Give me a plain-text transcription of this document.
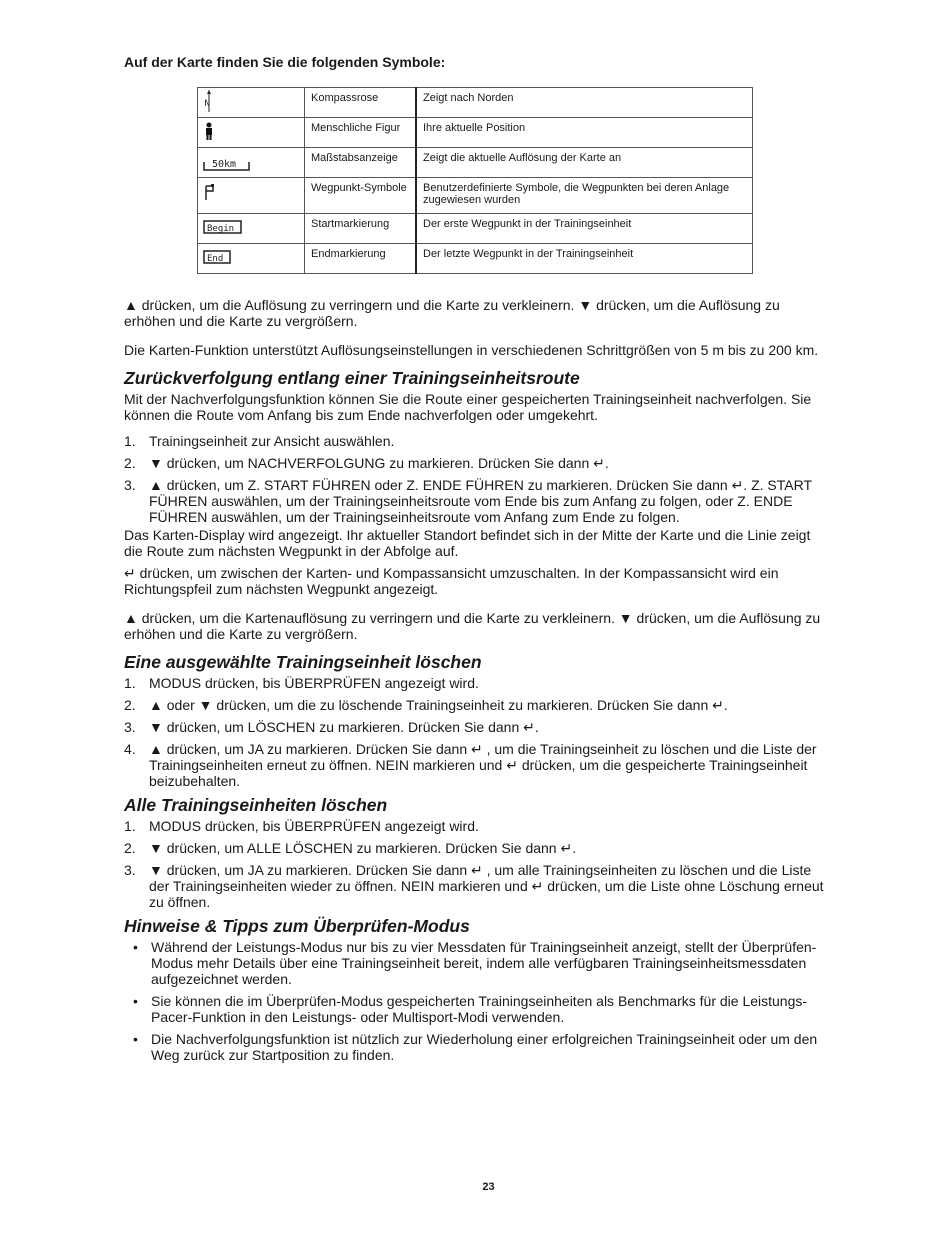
Auf der Karte finden Sie die folgenden Symbole:

N	Kompassrose	Zeigt nach Norden
	Menschliche Figur	Ihre aktuelle Position

50km	Maßstabsanzeige	Zeigt die aktuelle Auflösung der Karte an
	Wegpunkt-Symbole	Benutzerdefinierte Symbole, die Wegpunkten bei deren Anlage zugewiesen wurden

Begin	Startmarkierung	Der erste Wegpunkt in der Trainingseinheit

End	Endmarkierung	Der letzte Wegpunkt in der Trainingseinheit

▲ drücken, um die Auflösung zu verringern und die Karte zu verkleinern. ▼ drücken, um die Auflösung zu erhöhen und die Karte zu vergrößern.

Die Karten-Funktion unterstützt Auflösungseinstellungen in verschiedenen Schrittgrößen von 5 m bis zu 200 km.

Zurückverfolgung entlang einer Trainingseinheitsroute

Mit der Nachverfolgungsfunktion können Sie die Route einer gespeicherten Trainingseinheit nachverfolgen. Sie können die Route vom Anfang bis zum Ende nachverfolgen oder umgekehrt.

1. Trainingseinheit zur Ansicht auswählen.
2. ▼ drücken, um NACHVERFOLGUNG zu markieren. Drücken Sie dann ↵.
3. ▲ drücken, um Z. START FÜHREN oder Z. ENDE FÜHREN zu markieren. Drücken Sie dann ↵. Z. START FÜHREN auswählen, um der Trainingseinheitsroute vom Ende bis zum Anfang zu folgen, oder Z. ENDE FÜHREN auswählen, um der Trainingseinheitsroute vom Anfang zum Ende zu folgen.

Das Karten-Display wird angezeigt. Ihr aktueller Standort befindet sich in der Mitte der Karte und die Linie zeigt die Route zum nächsten Wegpunkt in der Abfolge auf.

↵ drücken, um zwischen der Karten- und Kompassansicht umzuschalten. In der Kompassansicht wird ein Richtungspfeil zum nächsten Wegpunkt angezeigt.

▲ drücken, um die Kartenauflösung zu verringern und die Karte zu verkleinern. ▼ drücken, um die Auflösung zu erhöhen und die Karte zu vergrößern.

Eine ausgewählte Trainingseinheit löschen
1. MODUS drücken, bis ÜBERPRÜFEN angezeigt wird.
2. ▲ oder ▼ drücken, um die zu löschende Trainingseinheit zu markieren. Drücken Sie dann ↵.
3. ▼ drücken, um LÖSCHEN zu markieren. Drücken Sie dann ↵.
4. ▲ drücken, um JA zu markieren. Drücken Sie dann ↵ , um die Trainingseinheit zu löschen und die Liste der Trainingseinheiten erneut zu öffnen. NEIN markieren und ↵ drücken, um die gespeicherte Trainingseinheit beizubehalten.
Alle Trainingseinheiten löschen
1. MODUS drücken, bis ÜBERPRÜFEN angezeigt wird.
2. ▼ drücken, um ALLE LÖSCHEN zu markieren. Drücken Sie dann ↵.
3. ▼ drücken, um JA zu markieren. Drücken Sie dann ↵ , um alle Trainingseinheiten zu löschen und die Liste der Trainingseinheiten wieder zu öffnen. NEIN markieren und ↵ drücken, um die Liste ohne Löschung erneut zu öffnen.
Hinweise & Tipps zum Überprüfen-Modus
• Während der Leistungs-Modus nur bis zu vier Messdaten für Trainingseinheit anzeigt, stellt der Überprüfen-Modus mehr Details über eine Trainingseinheit bereit, indem alle verfügbaren Trainingseinheitsmessdaten aufgezeichnet werden.
• Sie können die im Überprüfen-Modus gespeicherten Trainingseinheiten als Benchmarks für die Leistungs-Pacer-Funktion in den Leistungs- oder Multisport-Modi verwenden.
• Die Nachverfolgungsfunktion ist nützlich zur Wiederholung einer erfolgreichen Trainingseinheit oder um den Weg zurück zur Startposition zu finden.
23
